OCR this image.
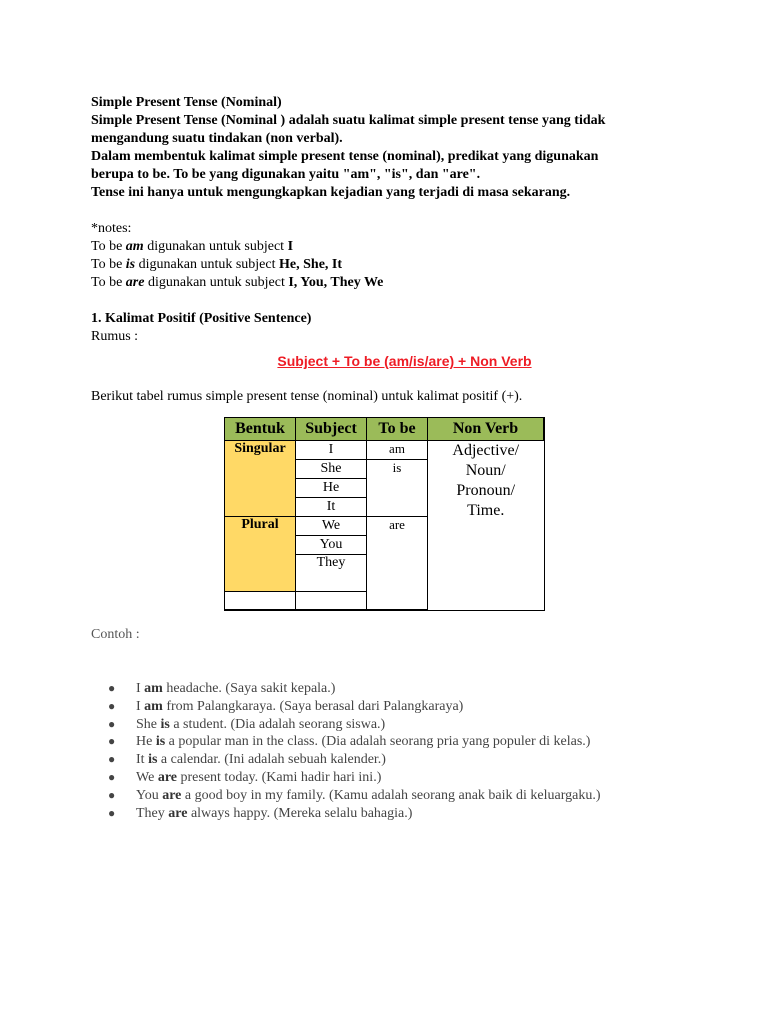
Simple Present Tense (Nominal)
Simple Present Tense (Nominal ) adalah suatu kalimat simple present tense yang tidak
mengandung suatu tindakan (non verbal).
Dalam membentuk kalimat simple present tense (nominal), predikat yang digunakan
berupa to be. To be yang digunakan yaitu "am", "is", dan "are".
Tense ini hanya untuk mengungkapkan kejadian yang terjadi di masa sekarang.
*notes:
To be am digunakan untuk subject I
To be is digunakan untuk subject He, She, It
To be are digunakan untuk subject I, You, They We
1. Kalimat Positif (Positive Sentence)
Rumus :
Subject + To be (am/is/are) + Non Verb
Berikut tabel rumus simple present tense (nominal) untuk kalimat positif (+).
Bentuk	Subject	To be	Non Verb
Singular	I	am	Adjective/
Noun/
Pronoun/
Time.

	She	is	
	He		
	It		
Plural	We	are	
	You		
	They		

Contoh :
● I am headache. (Saya sakit kepala.)
● I am from Palangkaraya. (Saya berasal dari Palangkaraya)
● She is a student. (Dia adalah seorang siswa.)
● He is a popular man in the class. (Dia adalah seorang pria yang populer di kelas.)
● It is a calendar. (Ini adalah sebuah kalender.)
● We are present today. (Kami hadir hari ini.)
● You are a good boy in my family. (Kamu adalah seorang anak baik di keluargaku.)
● They are always happy. (Mereka selalu bahagia.)
